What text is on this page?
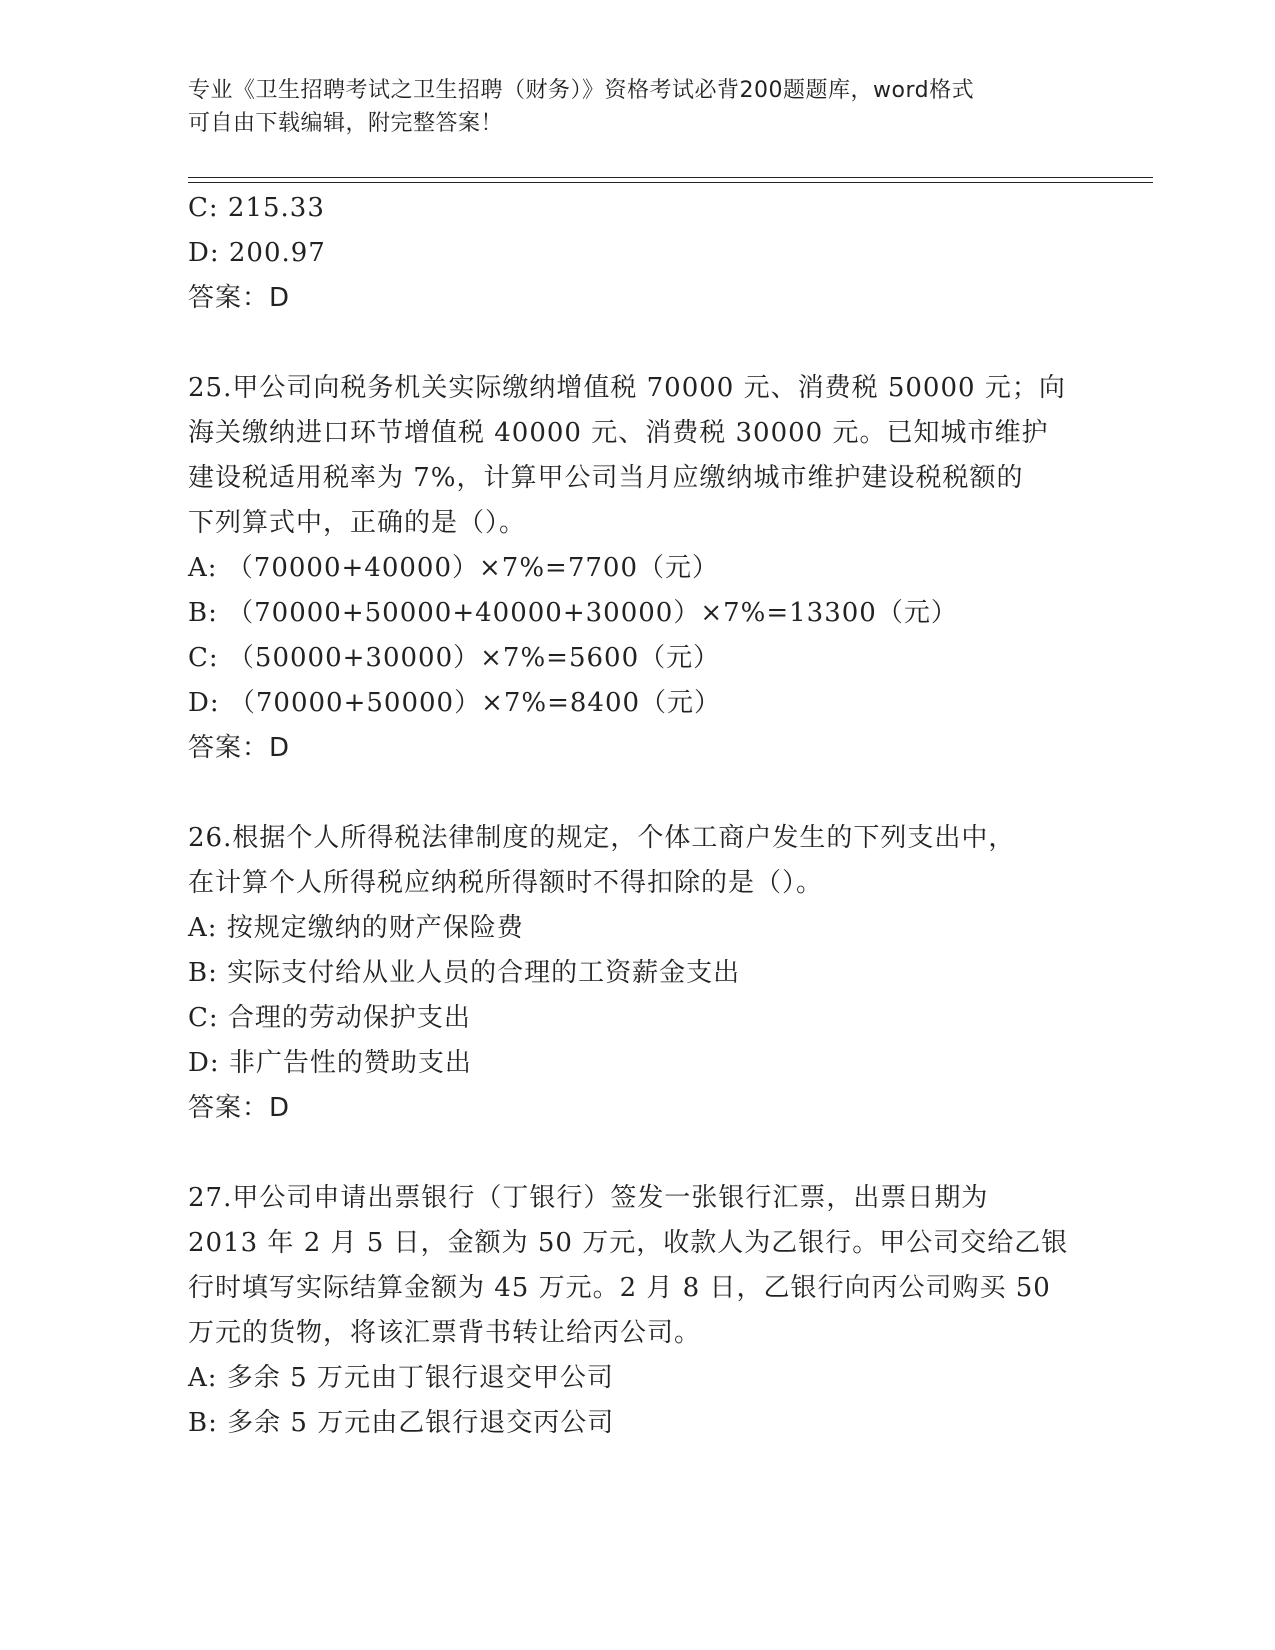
专业《卫生招聘考试之卫生招聘（财务）》资格考试必背200题题库，word格式
可自由下载编辑，附完整答案！
C: 215.33
D: 200.97
答案：D
25.甲公司向税务机关实际缴纳增值税 70000 元、消费税 50000 元；向
海关缴纳进口环节增值税 40000 元、消费税 30000 元。已知城市维护
建设税适用税率为 7%，计算甲公司当月应缴纳城市维护建设税税额的
下列算式中，正确的是（）。
A: （70000+40000）×7%=7700（元）
B: （70000+50000+40000+30000）×7%=13300（元）
C: （50000+30000）×7%=5600（元）
D: （70000+50000）×7%=8400（元）
答案：D
26.根据个人所得税法律制度的规定，个体工商户发生的下列支出中，
在计算个人所得税应纳税所得额时不得扣除的是（）。
A: 按规定缴纳的财产保险费
B: 实际支付给从业人员的合理的工资薪金支出
C: 合理的劳动保护支出
D: 非广告性的赞助支出
答案：D
27.甲公司申请出票银行（丁银行）签发一张银行汇票，出票日期为
2013 年 2 月 5 日，金额为 50 万元，收款人为乙银行。甲公司交给乙银
行时填写实际结算金额为 45 万元。2 月 8 日，乙银行向丙公司购买 50
万元的货物，将该汇票背书转让给丙公司。
A: 多余 5 万元由丁银行退交甲公司
B: 多余 5 万元由乙银行退交丙公司
